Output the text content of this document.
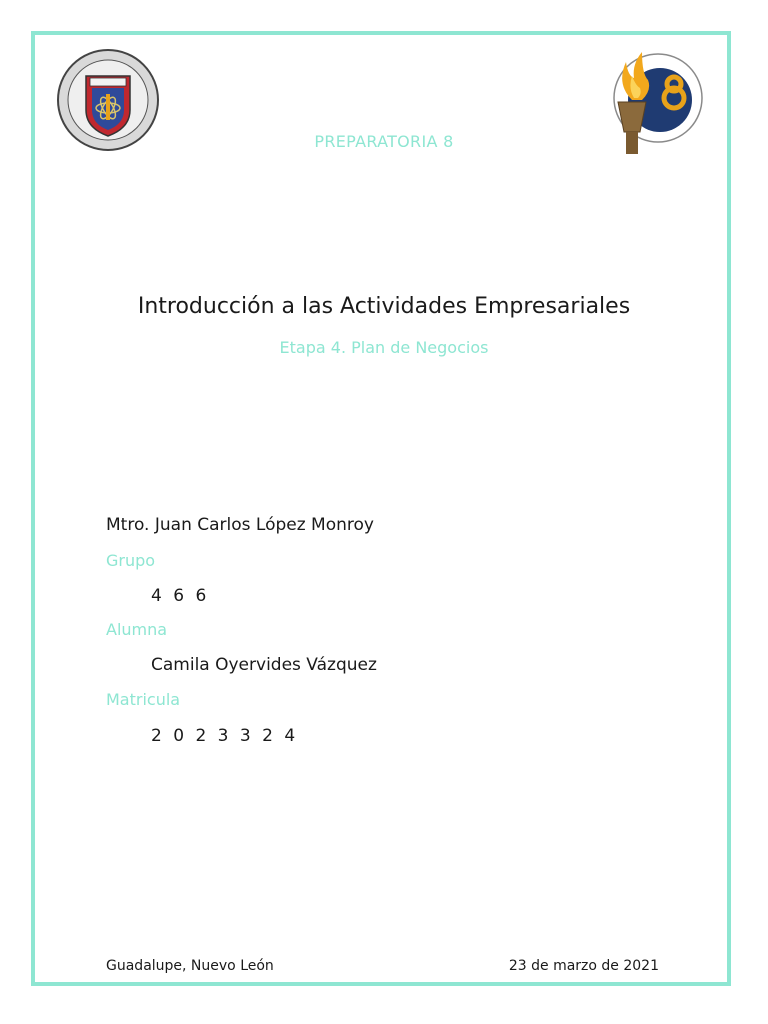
PREPARATORIA 8
Introducción a las Actividades Empresariales
Etapa 4. Plan de Negocios
Mtro. Juan Carlos López Monroy
Grupo
4 6 6
Alumna
Camila Oyervides Vázquez
Matricula
2 0 2 3 3 2 4
Guadalupe, Nuevo León	23 de marzo de 2021
